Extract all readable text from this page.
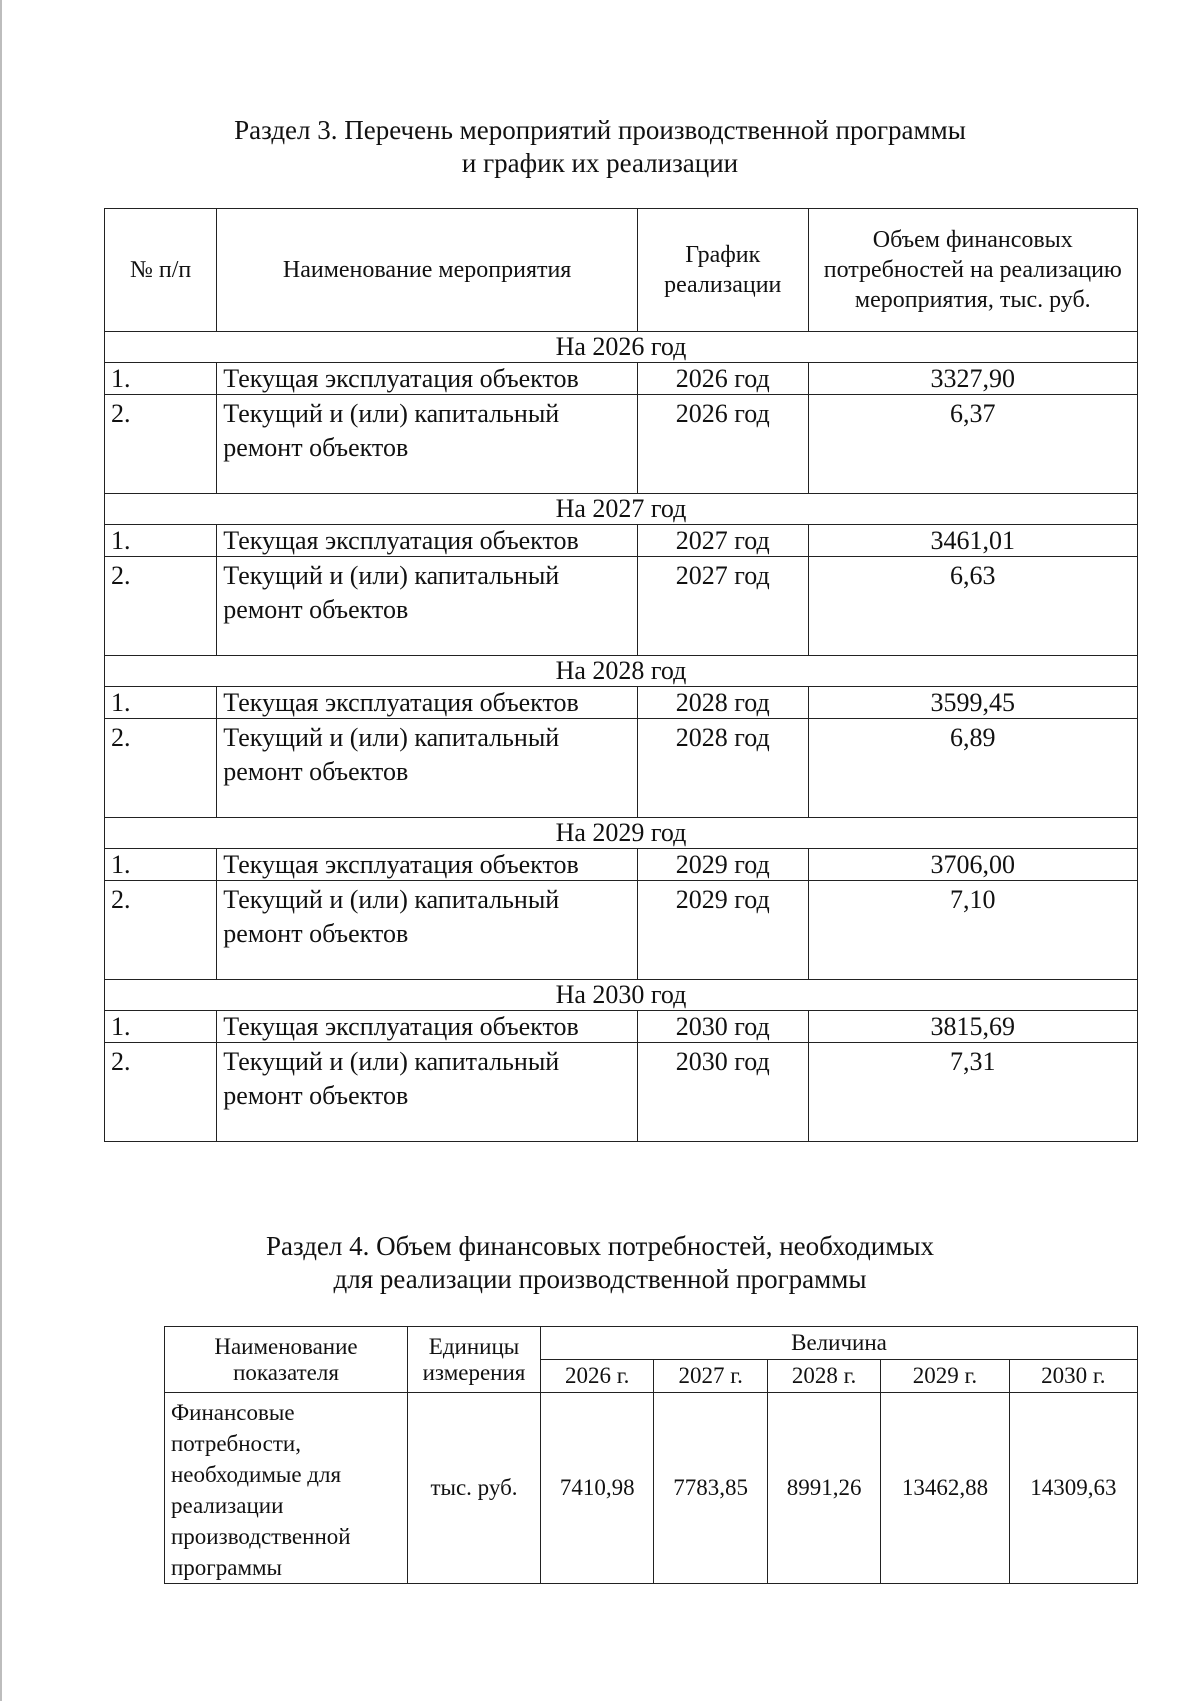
Раздел 3. Перечень мероприятий производственной программы
и график их реализации
№ п/п	Наименование мероприятия	График реализации	Объем финансовых потребностей на реализацию мероприятия, тыс. руб.
На 2026 год			
1.	Текущая эксплуатация объектов	2026 год	3327,90
2.	Текущий и (или) капитальный ремонт объектов	2026 год	6,37
На 2027 год			
1.	Текущая эксплуатация объектов	2027 год	3461,01
2.	Текущий и (или) капитальный ремонт объектов	2027 год	6,63
На 2028 год			
1.	Текущая эксплуатация объектов	2028 год	3599,45
2.	Текущий и (или) капитальный ремонт объектов	2028 год	6,89
На 2029 год			
1.	Текущая эксплуатация объектов	2029 год	3706,00
2.	Текущий и (или) капитальный ремонт объектов	2029 год	7,10
На 2030 год			
1.	Текущая эксплуатация объектов	2030 год	3815,69
2.	Текущий и (или) капитальный ремонт объектов	2030 год	7,31
Раздел 4. Объем финансовых потребностей, необходимых
для реализации производственной программы
Наименование показателя	Единицы измерения	Величина				
		2026 г.	2027 г.	2028 г.	2029 г.	2030 г.
Финансовые потребности, необходимые для реализации производственной программы	тыс. руб.	7410,98	7783,85	8991,26	13462,88	14309,63
